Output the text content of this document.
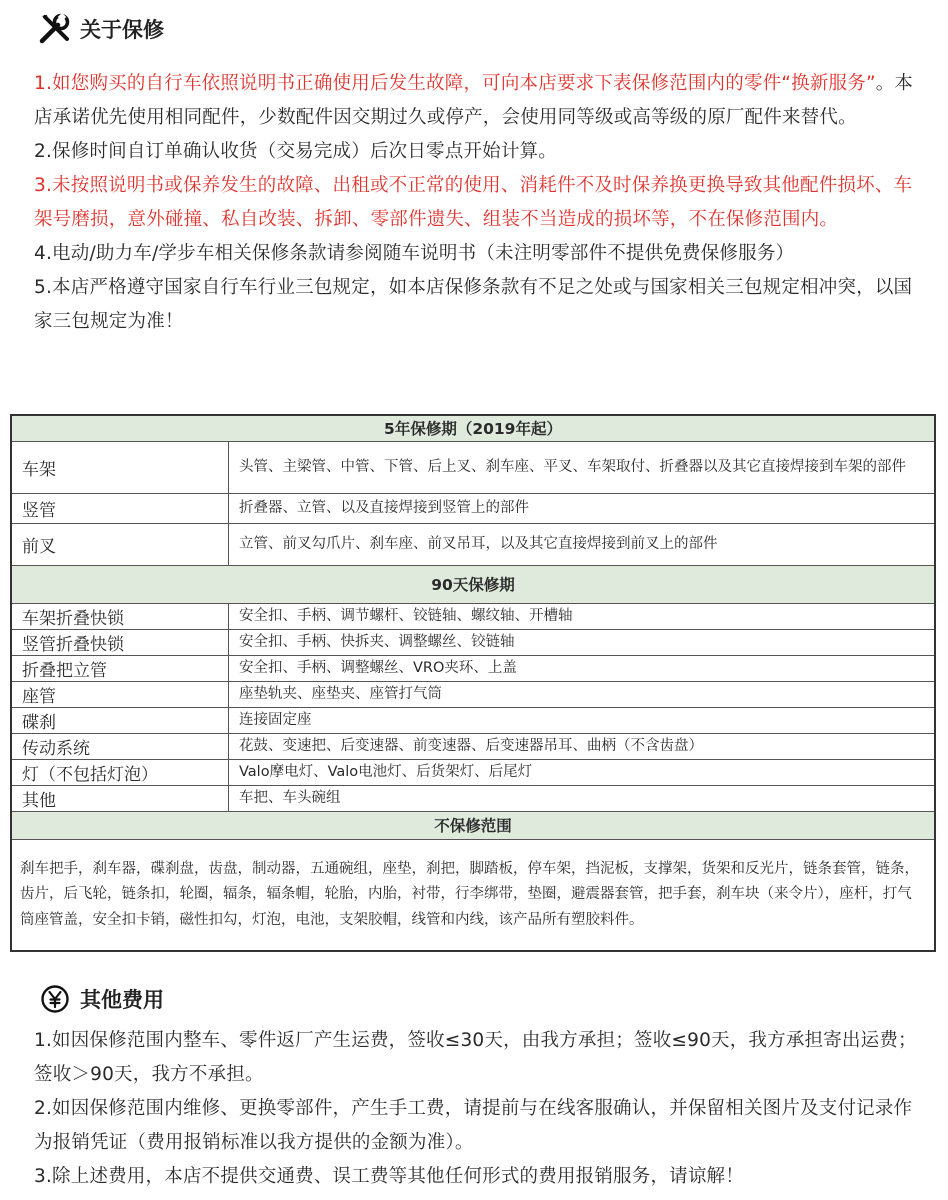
关于保修

1.如您购买的自行车依照说明书正确使用后发生故障，可向本店要求下表保修范围内的零件“换新服务”。本店承诺优先使用相同配件，少数配件因交期过久或停产，会使用同等级或高等级的原厂配件来替代。

2.保修时间自订单确认收货（交易完成）后次日零点开始计算。

3.未按照说明书或保养发生的故障、出租或不正常的使用、消耗件不及时保养换更换导致其他配件损坏、车架号磨损，意外碰撞、私自改装、拆卸、零部件遗失、组装不当造成的损坏等，不在保修范围内。

4.电动/助力车/学步车相关保修条款请参阅随车说明书（未注明零部件不提供免费保修服务）

5.本店严格遵守国家自行车行业三包规定，如本店保修条款有不足之处或与国家相关三包规定相冲突，以国家三包规定为准！

5年保修期（2019年起）	
车架	头管、主梁管、中管、下管、后上叉、刹车座、平叉、车架取付、折叠器以及其它直接焊接到车架的部件
竖管	折叠器、立管、以及直接焊接到竖管上的部件
前叉	立管、前叉勾爪片、刹车座、前叉吊耳，以及其它直接焊接到前叉上的部件
90天保修期	
车架折叠快锁	安全扣、手柄、调节螺杆、铰链轴、螺纹轴、开槽轴
竖管折叠快锁	安全扣、手柄、快拆夹、调整螺丝、铰链轴
折叠把立管	安全扣、手柄、调整螺丝、VRO夹环、上盖
座管	座垫轨夹、座垫夹、座管打气筒
碟刹	连接固定座
传动系统	花鼓、变速把、后变速器、前变速器、后变速器吊耳、曲柄（不含齿盘）
灯（不包括灯泡）	Valo摩电灯、Valo电池灯、后货架灯、后尾灯
其他	车把、车头碗组
不保修范围	
刹车把手，刹车器，碟刹盘，齿盘，制动器，五通碗组，座垫，刹把，脚踏板，停车架，挡泥板，支撑架，货架和反光片，链条套管，链条，齿片，后飞轮，链条扣，轮圈，辐条，辐条帽，轮胎，内胎，衬带，行李绑带，垫圈，避震器套管，把手套，刹车块（来令片），座杆，打气筒座管盖，安全扣卡销，磁性扣勾，灯泡，电池，支架胶帽，线管和内线，该产品所有塑胶料件。	
其他费用

1.如因保修范围内整车、零件返厂产生运费，签收≤30天，由我方承担；签收≤90天，我方承担寄出运费；签收＞90天，我方不承担。

2.如因保修范围内维修、更换零部件，产生手工费，请提前与在线客服确认，并保留相关图片及支付记录作为报销凭证（费用报销标准以我方提供的金额为准）。

3.除上述费用，本店不提供交通费、误工费等其他任何形式的费用报销服务，请谅解！
